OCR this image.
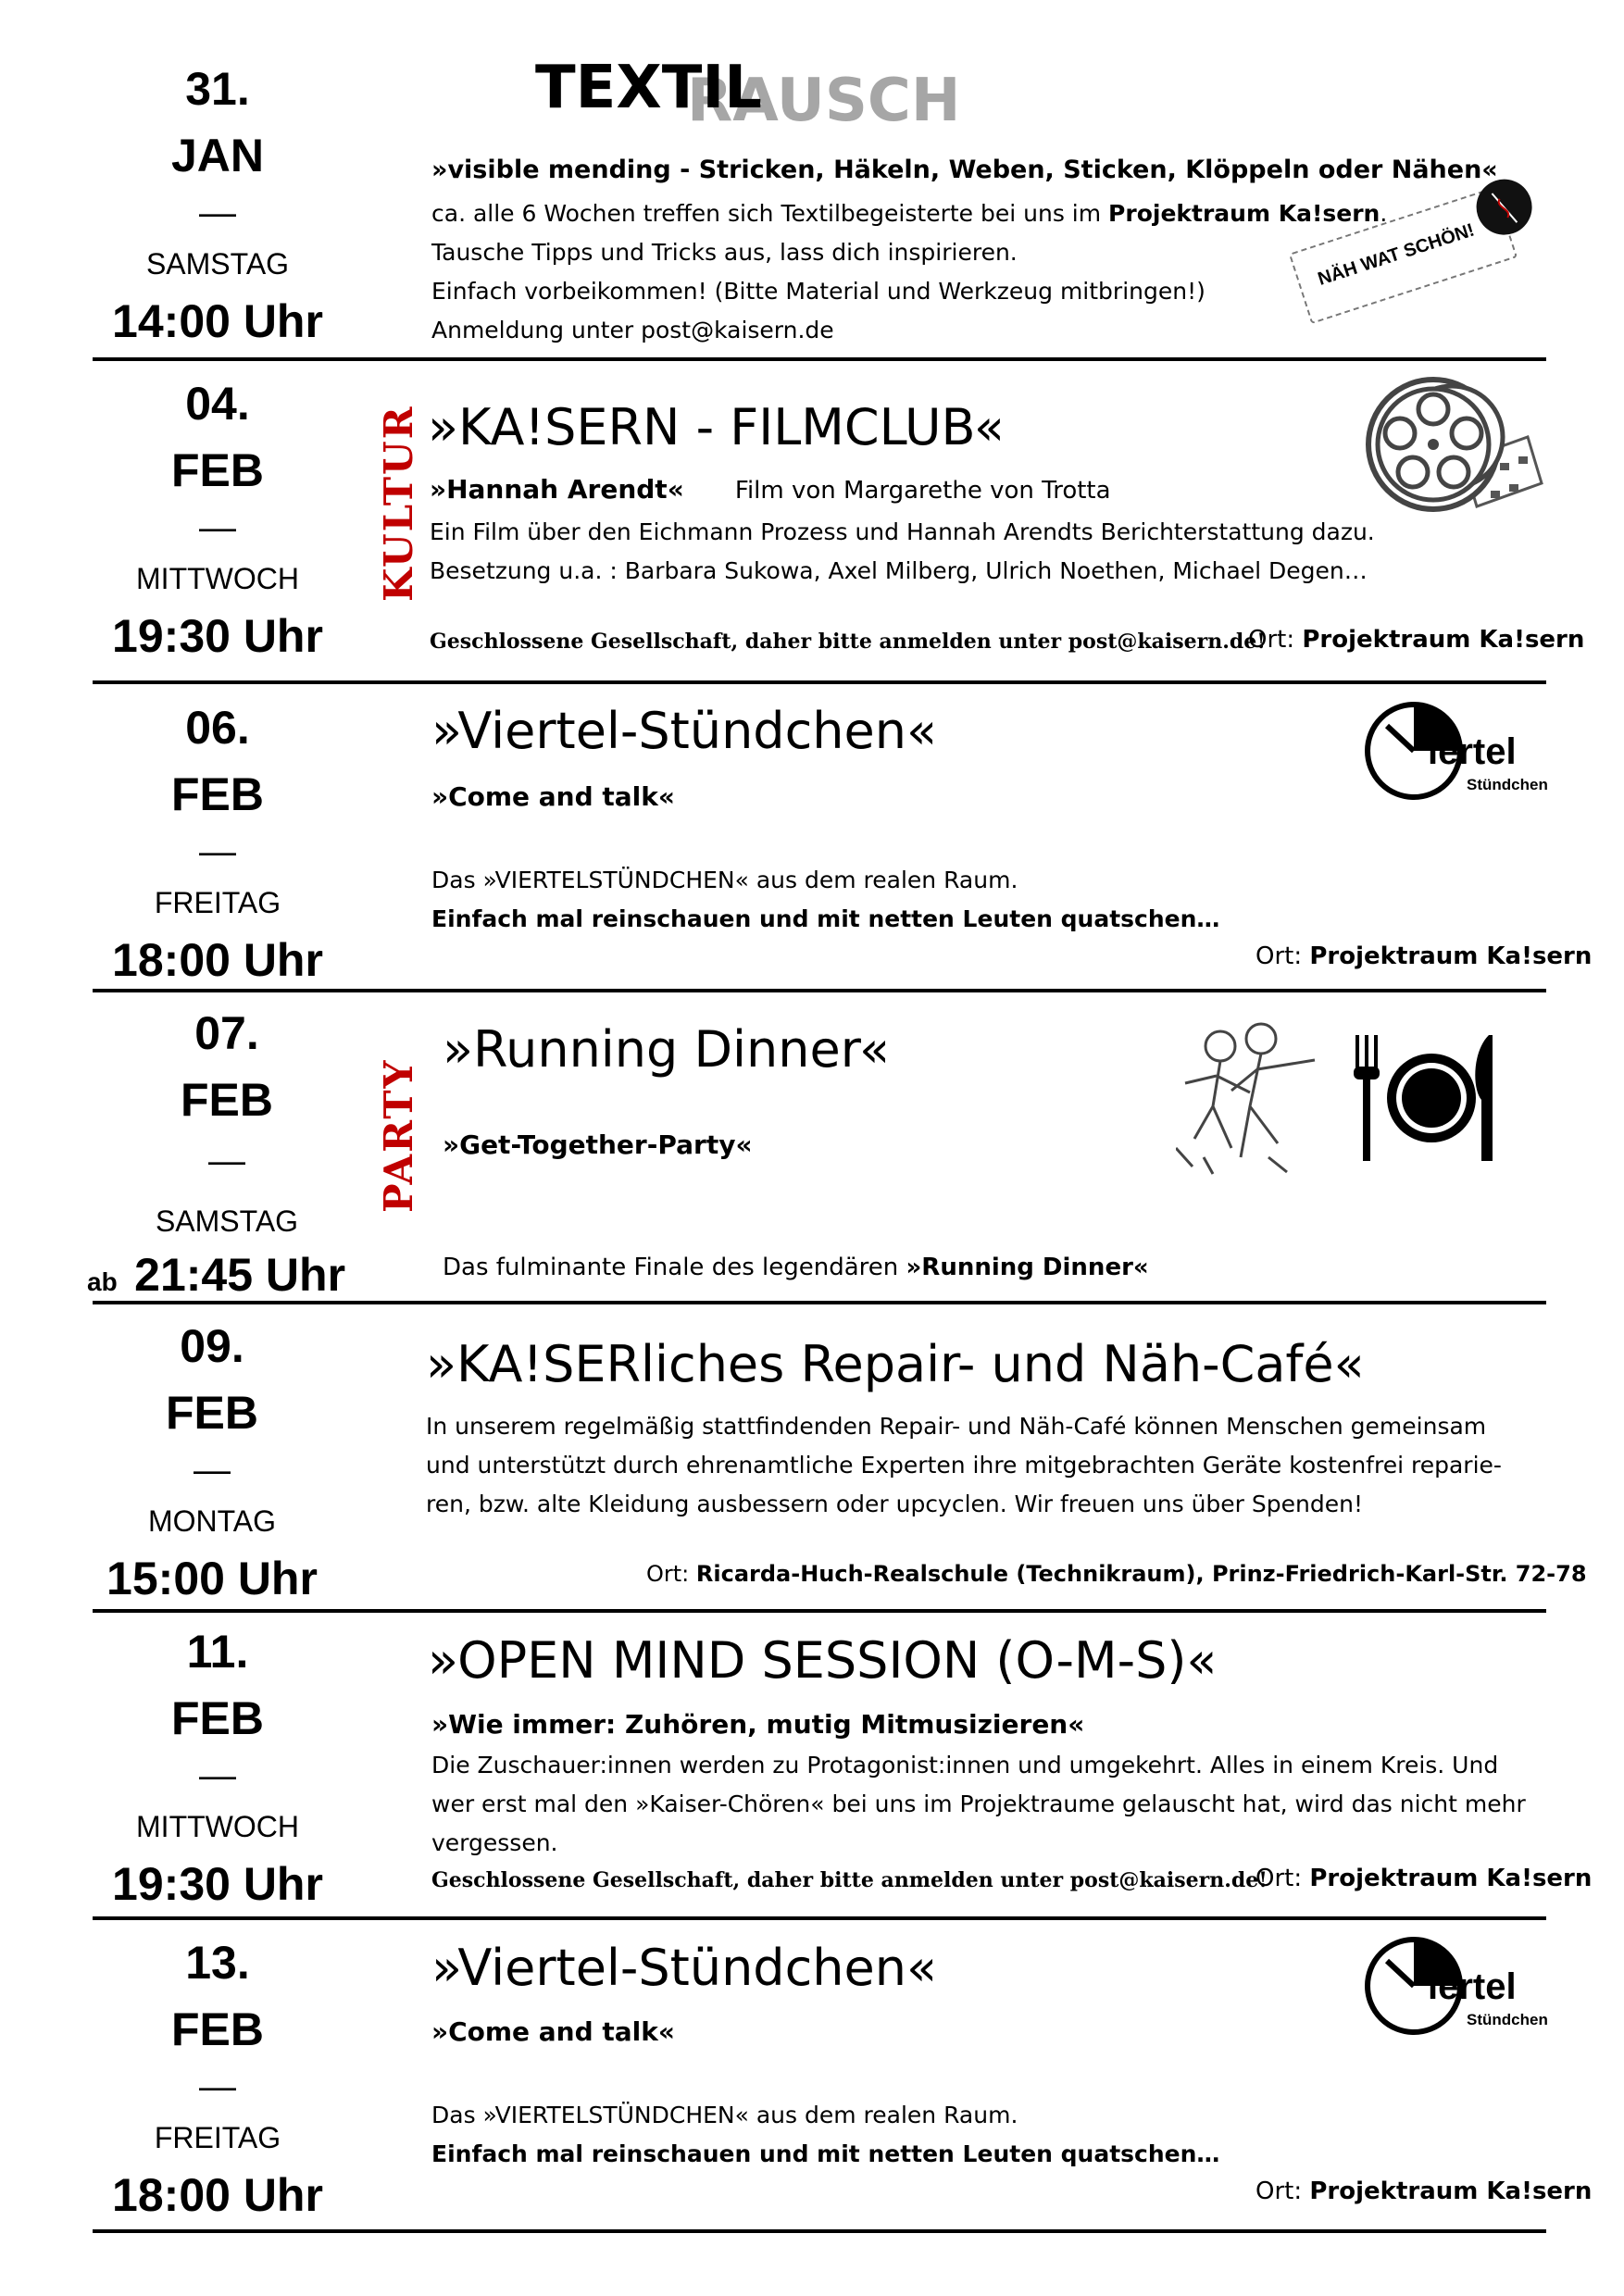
31.
JAN
—
SAMSTAG
14:00 Uhr
TEXTIL
RAUSCH
»visible mending - Stricken, Häkeln, Weben, Sticken, Klöppeln oder Nähen«
ca. alle 6 Wochen treffen sich Textilbegeisterte bei uns im Projektraum Ka!sern.
Tausche Tipps und Tricks aus, lass dich inspirieren.
Einfach vorbeikommen! (Bitte Material und Werkzeug mitbringen!)
Anmeldung unter post@kaisern.de
NÄH WAT SCHÖN!
04.
FEB
—
MITTWOCH
19:30 Uhr
KULTUR »KA!SERN - FILMCLUB«
»Hannah Arendt« Film von Margarethe von Trotta
Ein Film über den Eichmann Prozess und Hannah Arendts Berichterstattung dazu.
Besetzung u.a. : Barbara Sukowa, Axel Milberg, Ulrich Noethen, Michael Degen…
Geschlossene Gesellschaft, daher bitte anmelden unter post@kaisern.de!
Ort: Projektraum Ka!sern
06.
FEB
—
FREITAG
18:00 Uhr
»Viertel-Stündchen«
»Come and talk«
Das »VIERTELSTÜNDCHEN« aus dem realen Raum.
Einfach mal reinschauen und mit netten Leuten quatschen…
Ort: Projektraum Ka!sern
iertel
Stündchen
07.
FEB
—
SAMSTAG
ab 21:45 Uhr
PARTY
»Running Dinner«
»Get-Together-Party«
Das fulminante Finale des legendären »Running Dinner«
09.
FEB
—
MONTAG
15:00 Uhr
»KA!SERliches Repair- und Näh-Café«
In unserem regelmäßig stattfindenden Repair- und Näh-Café können Menschen gemeinsam
und unterstützt durch ehrenamtliche Experten ihre mitgebrachten Geräte kostenfrei reparie-
ren, bzw. alte Kleidung ausbessern oder upcyclen. Wir freuen uns über Spenden!
Ort: Ricarda-Huch-Realschule (Technikraum), Prinz-Friedrich-Karl-Str. 72-78
11.
FEB
—
MITTWOCH
19:30 Uhr
»OPEN MIND SESSION (O-M-S)«
»Wie immer: Zuhören, mutig Mitmusizieren«
Die Zuschauer:innen werden zu Protagonist:innen und umgekehrt. Alles in einem Kreis. Und
wer erst mal den »Kaiser-Chören« bei uns im Projektraume gelauscht hat, wird das nicht mehr
vergessen.
Geschlossene Gesellschaft, daher bitte anmelden unter post@kaisern.de!
Ort: Projektraum Ka!sern
13.
FEB
—
FREITAG
18:00 Uhr
»Viertel-Stündchen«
»Come and talk«
Das »VIERTELSTÜNDCHEN« aus dem realen Raum.
Einfach mal reinschauen und mit netten Leuten quatschen…
Ort: Projektraum Ka!sern
iertel
Stündchen
